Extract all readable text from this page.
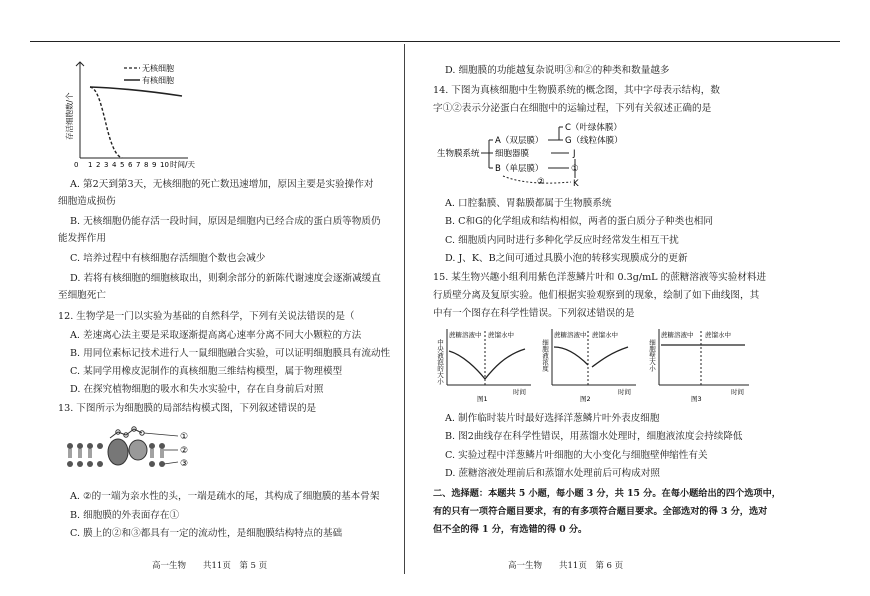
无核细胞
有核细胞
存活细胞数/个
0 1 2 3 4 5 6 7 8 9 10 时间/天
A. 第2天到第3天，无核细胞的死亡数迅速增加，原因主要是实验操作对
细胞造成损伤
B. 无核细胞仍能存活一段时间，原因是细胞内已经合成的蛋白质等物质仍
能发挥作用
C. 培养过程中有核细胞存活细胞个数也会减少
D. 若将有核细胞的细胞核取出，则剩余部分的新陈代谢速度会逐渐减缓直
至细胞死亡
12. 生物学是一门以实验为基础的自然科学，下列有关说法错误的是（
A. 差速离心法主要是采取逐渐提高离心速率分离不同大小颗粒的方法
B. 用同位素标记技术进行人一鼠细胞融合实验，可以证明细胞膜具有流动性
C. 某同学用橡皮泥制作的真核细胞三维结构模型，属于物理模型
D. 在探究植物细胞的吸水和失水实验中，存在自身前后对照
13. 下图所示为细胞膜的局部结构模式图，下列叙述错误的是
①
②
③
A. ②的一端为亲水性的头，一端是疏水的尾，其构成了细胞膜的基本骨架
B. 细胞膜的外表面存在①
C. 膜上的②和③都具有一定的流动性，是细胞膜结构特点的基础
高一生物　　共11页　第 5 页
D. 细胞膜的功能越复杂说明③和②的种类和数量越多
14. 下图为真核细胞中生物膜系统的概念图，其中字母表示结构，数
字①②表示分泌蛋白在细胞中的运输过程，下列有关叙述正确的是
生物膜系统
A（双层膜）
细胞器膜
B（单层膜）
C（叶绿体膜）
G（线粒体膜）
J
①
②	K
A. 口腔黏膜、胃黏膜都属于生物膜系统
B. C和G的化学组成和结构相似，两者的蛋白质分子种类也相同
C. 细胞质内同时进行多种化学反应时经常发生相互干扰
D. J、K、B之间可通过具膜小泡的转移实现膜成分的更新
15. 某生物兴趣小组利用紫色洋葱鳞片叶和 0.3g/mL 的蔗糖溶液等实验材料进
行质壁分离及复原实验。他们根据实验观察到的现象，绘制了如下曲线图，其
中有一个图存在科学性错误。下列叙述错误的是
中央液泡的大小
蔗糖溶液中 蔗馏水中
时间
图1
细胞液浓度
蔗糖溶液中 蔗馏水中
时间
图2
细胞壁大小
蔗糖溶液中 蔗馏水中
时间
图3
A. 制作临时装片时最好选择洋葱鳞片叶外表皮细胞
B. 图2曲线存在科学性错误，用蒸馏水处理时，细胞液浓度会持续降低
C. 实验过程中洋葱鳞片叶细胞的大小变化与细胞壁伸缩性有关
D. 蔗糖溶液处理前后和蒸馏水处理前后可构成对照
二、选择题：本题共 5 小题，每小题 3 分，共 15 分。在每小题给出的四个选项中，
有的只有一项符合题目要求，有的有多项符合题目要求。全部选对的得 3 分，选对
但不全的得 1 分，有选错的得 0 分。
高一生物　　共11页　第 6 页
